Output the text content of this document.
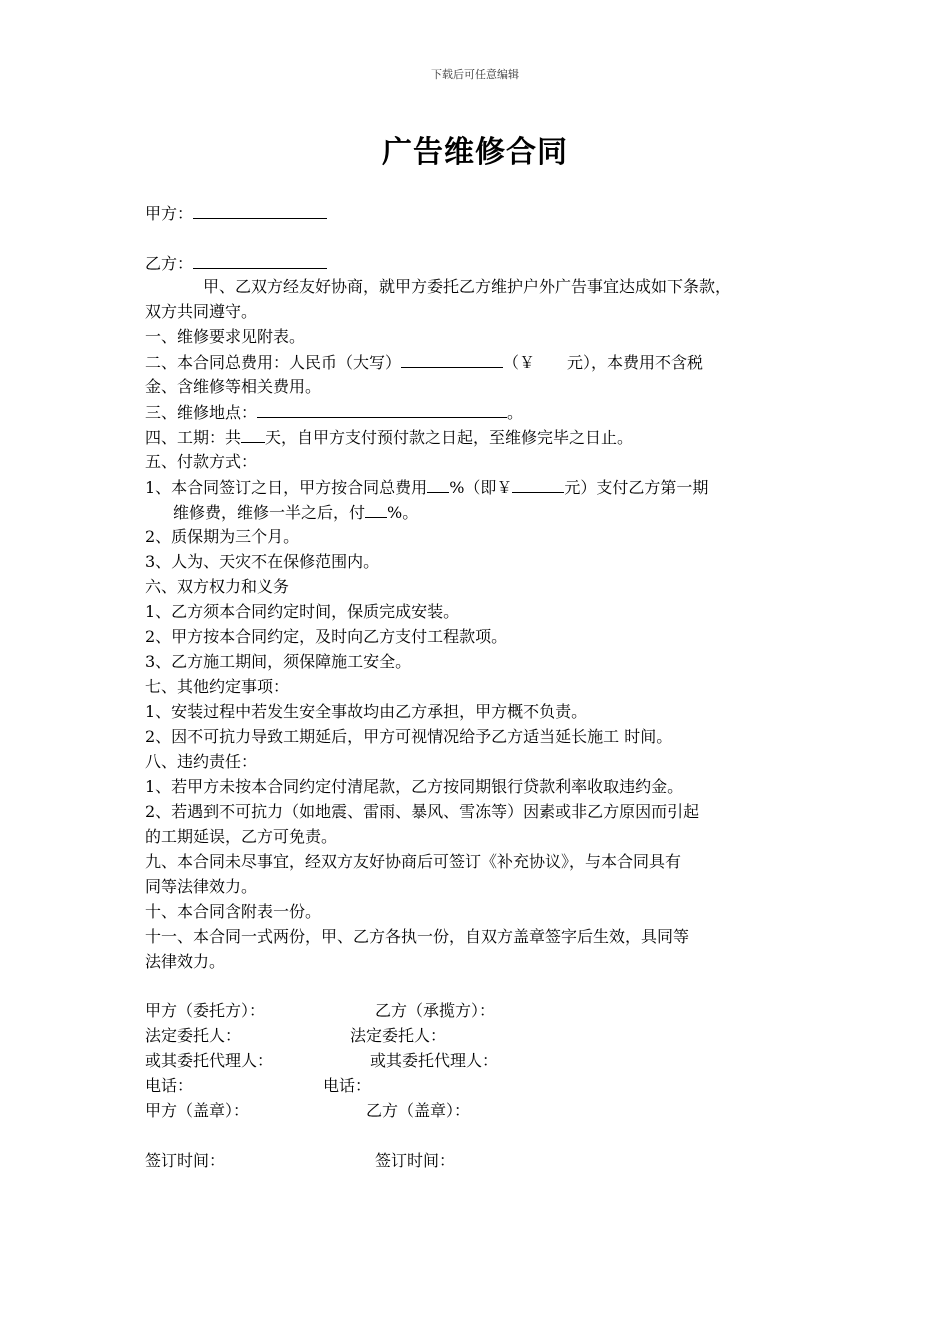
下载后可任意编辑
广告维修合同
甲方：
乙方：
甲、乙双方经友好协商，就甲方委托乙方维护户外广告事宜达成如下条款，
双方共同遵守。
一、维修要求见附表。
二、本合同总费用：人民币（大写）	（￥　　元），本费用不含税
金、含维修等相关费用。
三、维修地点：	。
四、工期：共 天，自甲方支付预付款之日起，至维修完毕之日止。
五、付款方式：
1、本合同签订之日，甲方按合同总费用 %（即￥	元）支付乙方第一期
维修费，维修一半之后，付 %。
2、质保期为三个月。
3、人为、天灾不在保修范围内。
六、双方权力和义务
1、乙方须本合同约定时间，保质完成安装。
2、甲方按本合同约定，及时向乙方支付工程款项。
3、乙方施工期间，须保障施工安全。
七、其他约定事项：
1、安装过程中若发生安全事故均由乙方承担，甲方概不负责。
2、因不可抗力导致工期延后，甲方可视情况给予乙方适当延长施工 时间。
八、违约责任：
1、若甲方未按本合同约定付清尾款，乙方按同期银行贷款利率收取违约金。
2、若遇到不可抗力（如地震、雷雨、暴风、雪冻等）因素或非乙方原因而引起
的工期延误，乙方可免责。
九、本合同未尽事宜，经双方友好协商后可签订《补充协议》，与本合同具有
同等法律效力。
十、本合同含附表一份。
十一、本合同一式两份，甲、乙方各执一份，自双方盖章签字后生效，具同等
法律效力。
甲方（委托方）：	乙方（承揽方）：
法定委托人：	法定委托人：
或其委托代理人：	或其委托代理人：
电话：	电话：
甲方（盖章）：	乙方（盖章）：
签订时间：	签订时间：
